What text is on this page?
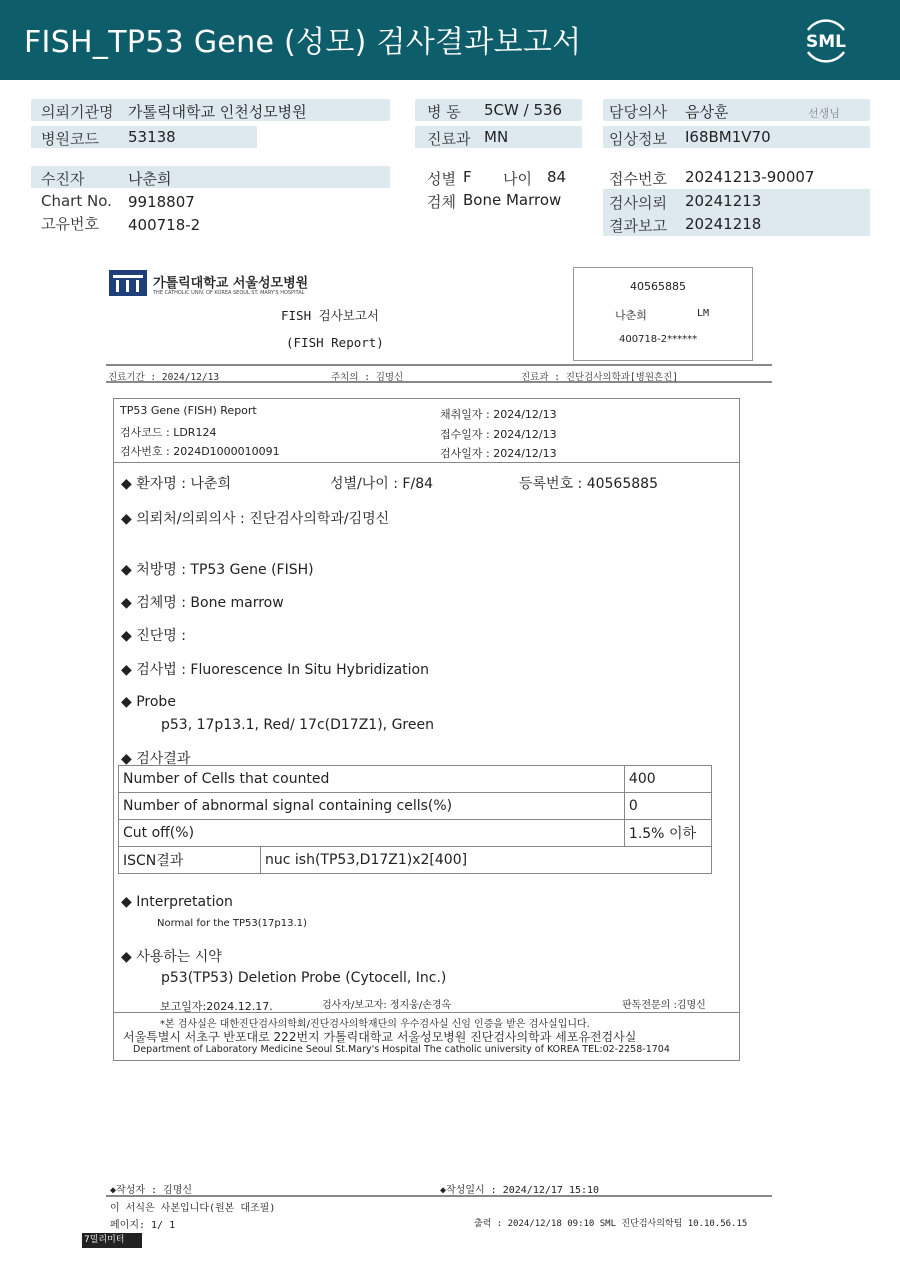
FISH_TP53 Gene (성모) 검사결과보고서	SML
의뢰기관명 가톨릭대학교 인천성모병원
병원코드 53138
수진자	나춘희
Chart No. 9918807
고유번호 400718-2
병 동 5CW / 536
진료과 MN
성별 F 나이 84
검체 Bone Marrow
담당의사 음상훈	선생님
임상정보 I68BM1V70
접수번호 20241213-90007
검사의뢰 20241213
결과보고 20241218
가톨릭대학교 서울성모병원
THE CATHOLIC UNIV. OF KOREA SEOUL ST. MARY'S HOSPITAL
FISH 검사보고서
(FISH Report)
40565885
나춘희	LM
400718-2******
진료기간 : 2024/12/13	주치의 : 김명신	진료과 : 진단검사의학과[병원흔진]
TP53 Gene (FISH) Report
검사코드 : LDR124
검사번호 : 2024D1000010091
채취일자 : 2024/12/13
접수일자 : 2024/12/13
검사일자 : 2024/12/13
◆ 환자명 : 나춘희	성별/나이 : F/84	등록번호 : 40565885
◆ 의뢰처/의뢰의사 : 진단검사의학과/김명신
◆ 처방명 : TP53 Gene (FISH)
◆ 검체명 : Bone marrow
◆ 진단명 :
◆ 검사법 : Fluorescence In Situ Hybridization
◆ Probe
p53, 17p13.1, Red/ 17c(D17Z1), Green
◆ 검사결과
Number of Cells that counted		400
Number of abnormal signal containing cells(%)		0
Cut off(%)		1.5% 이하
ISCN결과	nuc ish(TP53,D17Z1)x2[400]	
◆ Interpretation
Normal for the TP53(17p13.1)
◆ 사용하는 시약
p53(TP53) Deletion Probe (Cytocell, Inc.)
보고일자:2024.12.17.	검사자/보고자: 정지웅/손경옥	판독전문의 :김명신
*본 검사실은 대한진단검사의학회/진단검사의학재단의 우수검사실 신임 인증을 받은 검사실입니다.
서울특별시 서초구 반포대로 222번지 가톨릭대학교 서울성모병원 진단검사의학과 세포유전검사실
Department of Laboratory Medicine Seoul St.Mary's Hospital The catholic university of KOREA TEL:02-2258-1704
◆작성자 : 김명신	◆작성일시 : 2024/12/17 15:10
이 서식은 사본입니다(원본 대조필)
페이지: 1/ 1	출력 : 2024/12/18 09:10 SML 진단검사의학팀 10.10.56.15
7밀리미터
